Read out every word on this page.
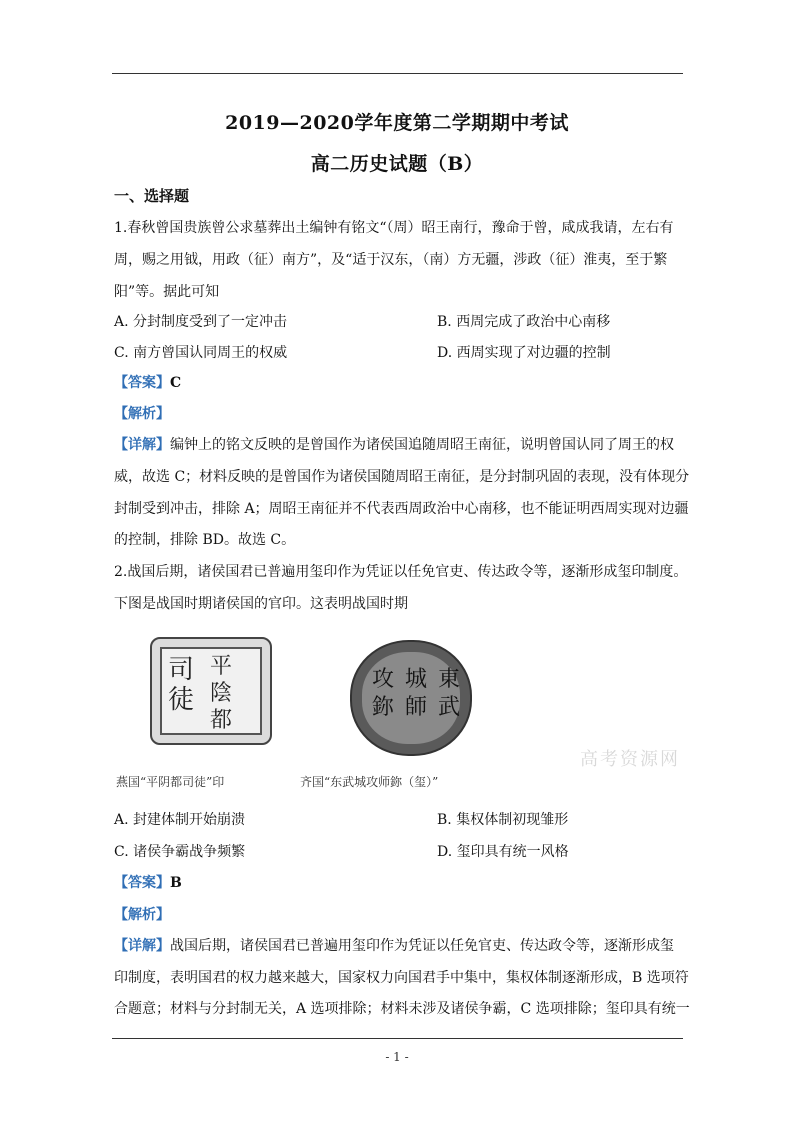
2019—2020学年度第二学期期中考试
高二历史试题（B）
一、选择题
1.春秋曾国贵族曾公求墓葬出土编钟有铭文“（周）昭王南行，豫命于曾，咸成我请，左右有
周，赐之用钺，用政（征）南方”，及“适于汉东，（南）方无疆，涉政（征）淮夷，至于繁
阳”等。据此可知
A. 分封制度受到了一定冲击	B. 西周完成了政治中心南移
C. 南方曾国认同周王的权威	D. 西周实现了对边疆的控制
【答案】C
【解析】
【详解】编钟上的铭文反映的是曾国作为诸侯国追随周昭王南征，说明曾国认同了周王的权
威，故选 C；材料反映的是曾国作为诸侯国随周昭王南征，是分封制巩固的表现，没有体现分
封制受到冲击，排除 A；周昭王南征并不代表西周政治中心南移，也不能证明西周实现对边疆
的控制，排除 BD。故选 C。
2.战国后期，诸侯国君已普遍用玺印作为凭证以任免官吏、传达政令等，逐渐形成玺印制度。
下图是战国时期诸侯国的官印。这表明战国时期
司
徒
平
陰
都
燕国“平阴都司徒”印
攻 城 東
鉨 師 武
齐国“东武城攻师鉨（玺）”
高考资源网
A. 封建体制开始崩溃	B. 集权体制初现雏形
C. 诸侯争霸战争频繁	D. 玺印具有统一风格
【答案】B
【解析】
【详解】战国后期，诸侯国君已普遍用玺印作为凭证以任免官吏、传达政令等，逐渐形成玺
印制度，表明国君的权力越来越大，国家权力向国君手中集中，集权体制逐渐形成，B 选项符
合题意；材料与分封制无关，A 选项排除；材料未涉及诸侯争霸，C 选项排除；玺印具有统一
- 1 -
